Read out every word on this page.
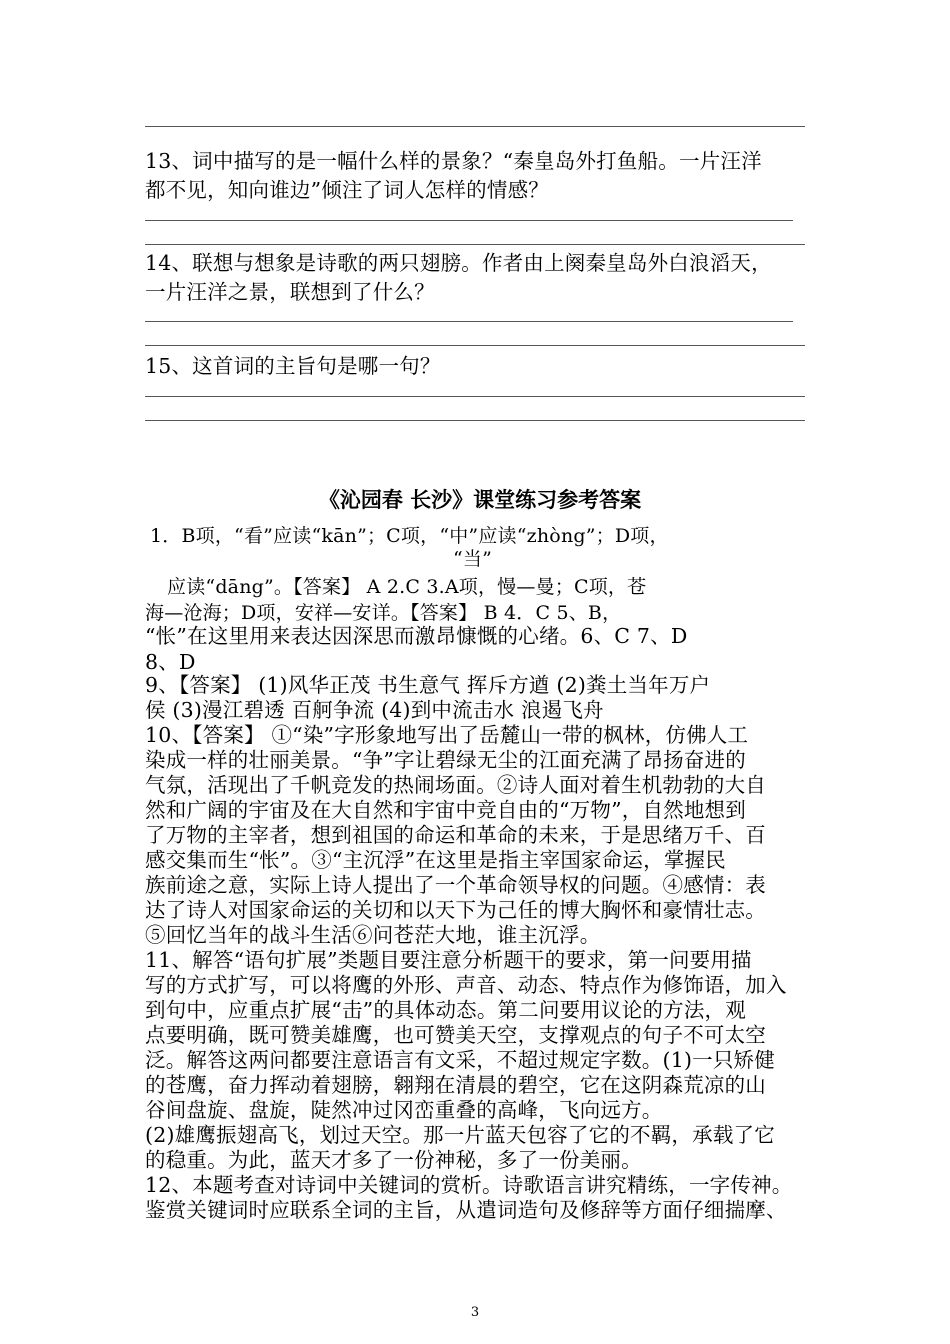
13、词中描写的是一幅什么样的景象？“秦皇岛外打鱼船。一片汪洋
都不见，知向谁边”倾注了词人怎样的情感？
14、联想与想象是诗歌的两只翅膀。作者由上阕秦皇岛外白浪滔天，
一片汪洋之景，联想到了什么？
15、这首词的主旨句是哪一句？
《沁园春 长沙》课堂练习参考答案
1．B项，“看”应读“kān”；C项，“中”应读“zhòng”；D项，
“当”
应读“dāng”。【答案】 A 2.C 3.A项，慢—曼；C项，苍
海—沧海；D项，安祥—安详。【答案】 B 4．C 5、B，
“怅”在这里用来表达因深思而激昂慷慨的心绪。6、C 7、D
8、D
9、【答案】 (1)风华正茂 书生意气 挥斥方遒 (2)粪土当年万户
侯 (3)漫江碧透 百舸争流 (4)到中流击水 浪遏飞舟
10、【答案】 ①“染”字形象地写出了岳麓山一带的枫林，仿佛人工
染成一样的壮丽美景。“争”字让碧绿无尘的江面充满了昂扬奋进的
气氛，活现出了千帆竞发的热闹场面。②诗人面对着生机勃勃的大自
然和广阔的宇宙及在大自然和宇宙中竞自由的“万物”，自然地想到
了万物的主宰者，想到祖国的命运和革命的未来，于是思绪万千、百
感交集而生“怅”。③“主沉浮”在这里是指主宰国家命运，掌握民
族前途之意，实际上诗人提出了一个革命领导权的问题。④感情：表
达了诗人对国家命运的关切和以天下为己任的博大胸怀和豪情壮志。
⑤回忆当年的战斗生活⑥问苍茫大地，谁主沉浮。
11、解答“语句扩展”类题目要注意分析题干的要求，第一问要用描
写的方式扩写，可以将鹰的外形、声音、动态、特点作为修饰语，加入
到句中，应重点扩展“击”的具体动态。第二问要用议论的方法，观
点要明确，既可赞美雄鹰，也可赞美天空，支撑观点的句子不可太空
泛。解答这两问都要注意语言有文采，不超过规定字数。(1)一只矫健
的苍鹰，奋力挥动着翅膀，翱翔在清晨的碧空，它在这阴森荒凉的山
谷间盘旋、盘旋，陡然冲过冈峦重叠的高峰，飞向远方。
(2)雄鹰振翅高飞，划过天空。那一片蓝天包容了它的不羁，承载了它
的稳重。为此，蓝天才多了一份神秘，多了一份美丽。
12、本题考查对诗词中关键词的赏析。诗歌语言讲究精练，一字传神。
鉴赏关键词时应联系全词的主旨，从遣词造句及修辞等方面仔细揣摩、
3
